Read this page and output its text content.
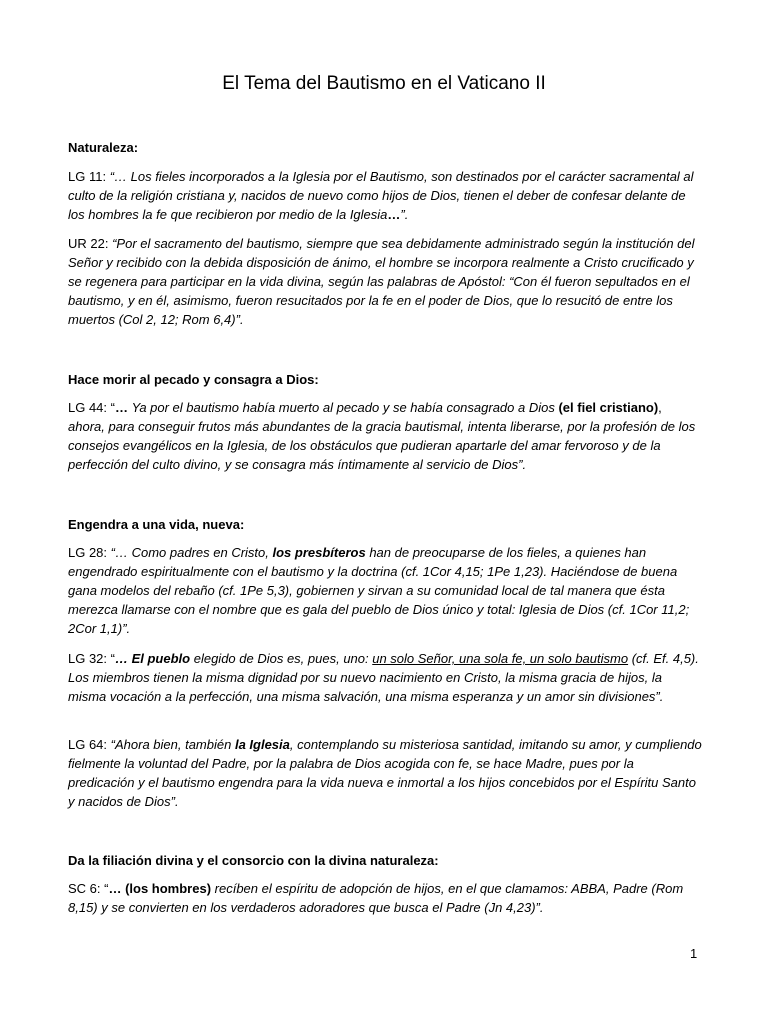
El Tema del Bautismo en el Vaticano II
Naturaleza:

LG 11: “… Los fieles incorporados a la Iglesia por el Bautismo, son destinados por el carácter sacramental al culto de la religión cristiana y, nacidos de nuevo como hijos de Dios, tienen el deber de confesar delante de los hombres la fe que recibieron por medio de la Iglesia…”.

UR 22: “Por el sacramento del bautismo, siempre que sea debidamente administrado según la institución del Señor y recibido con la debida disposición de ánimo, el hombre se incorpora realmente a Cristo crucificado y se regenera para participar en la vida divina, según las palabras de Apóstol: “Con él fueron sepultados en el bautismo, y en él, asimismo, fueron resucitados por la fe en el poder de Dios, que lo resucitó de entre los muertos (Col 2, 12; Rom 6,4)”.

Hace morir al pecado y consagra a Dios:

LG 44: “… Ya por el bautismo había muerto al pecado y se había consagrado a Dios (el fiel cristiano), ahora, para conseguir frutos más abundantes de la gracia bautismal, intenta liberarse, por la profesión de los consejos evangélicos en la Iglesia, de los obstáculos que pudieran apartarle del amar fervoroso y de la perfección del culto divino, y se consagra más íntimamente al servicio de Dios”.

Engendra a una vida, nueva:

LG 28: “… Como padres en Cristo, los presbíteros han de preocuparse de los fieles, a quienes han engendrado espiritualmente con el bautismo y la doctrina (cf. 1Cor 4,15; 1Pe 1,23). Haciéndose de buena gana modelos del rebaño (cf. 1Pe 5,3), gobiernen y sirvan a su comunidad local de tal manera que ésta merezca llamarse con el nombre que es gala del pueblo de Dios único y total: Iglesia de Dios (cf. 1Cor 11,2; 2Cor 1,1)”.

LG 32: “… El pueblo elegido de Dios es, pues, uno: un solo Señor, una sola fe, un solo bautismo (cf. Ef. 4,5). Los miembros tienen la misma dignidad por su nuevo nacimiento en Cristo, la misma gracia de hijos, la misma vocación a la perfección, una misma salvación, una misma esperanza y un amor sin divisiones”.

LG 64: “Ahora bien, también la Iglesia, contemplando su misteriosa santidad, imitando su amor, y cumpliendo fielmente la voluntad del Padre, por la palabra de Dios acogida con fe, se hace Madre, pues por la predicación y el bautismo engendra para la vida nueva e inmortal a los hijos concebidos por el Espíritu Santo y nacidos de Dios”.

Da la filiación divina y el consorcio con la divina naturaleza:

SC 6: “… (los hombres) recíben el espíritu de adopción de hijos, en el que clamamos: ABBA, Padre (Rom 8,15) y se convierten en los verdaderos adoradores que busca el Padre (Jn 4,23)”.

1
